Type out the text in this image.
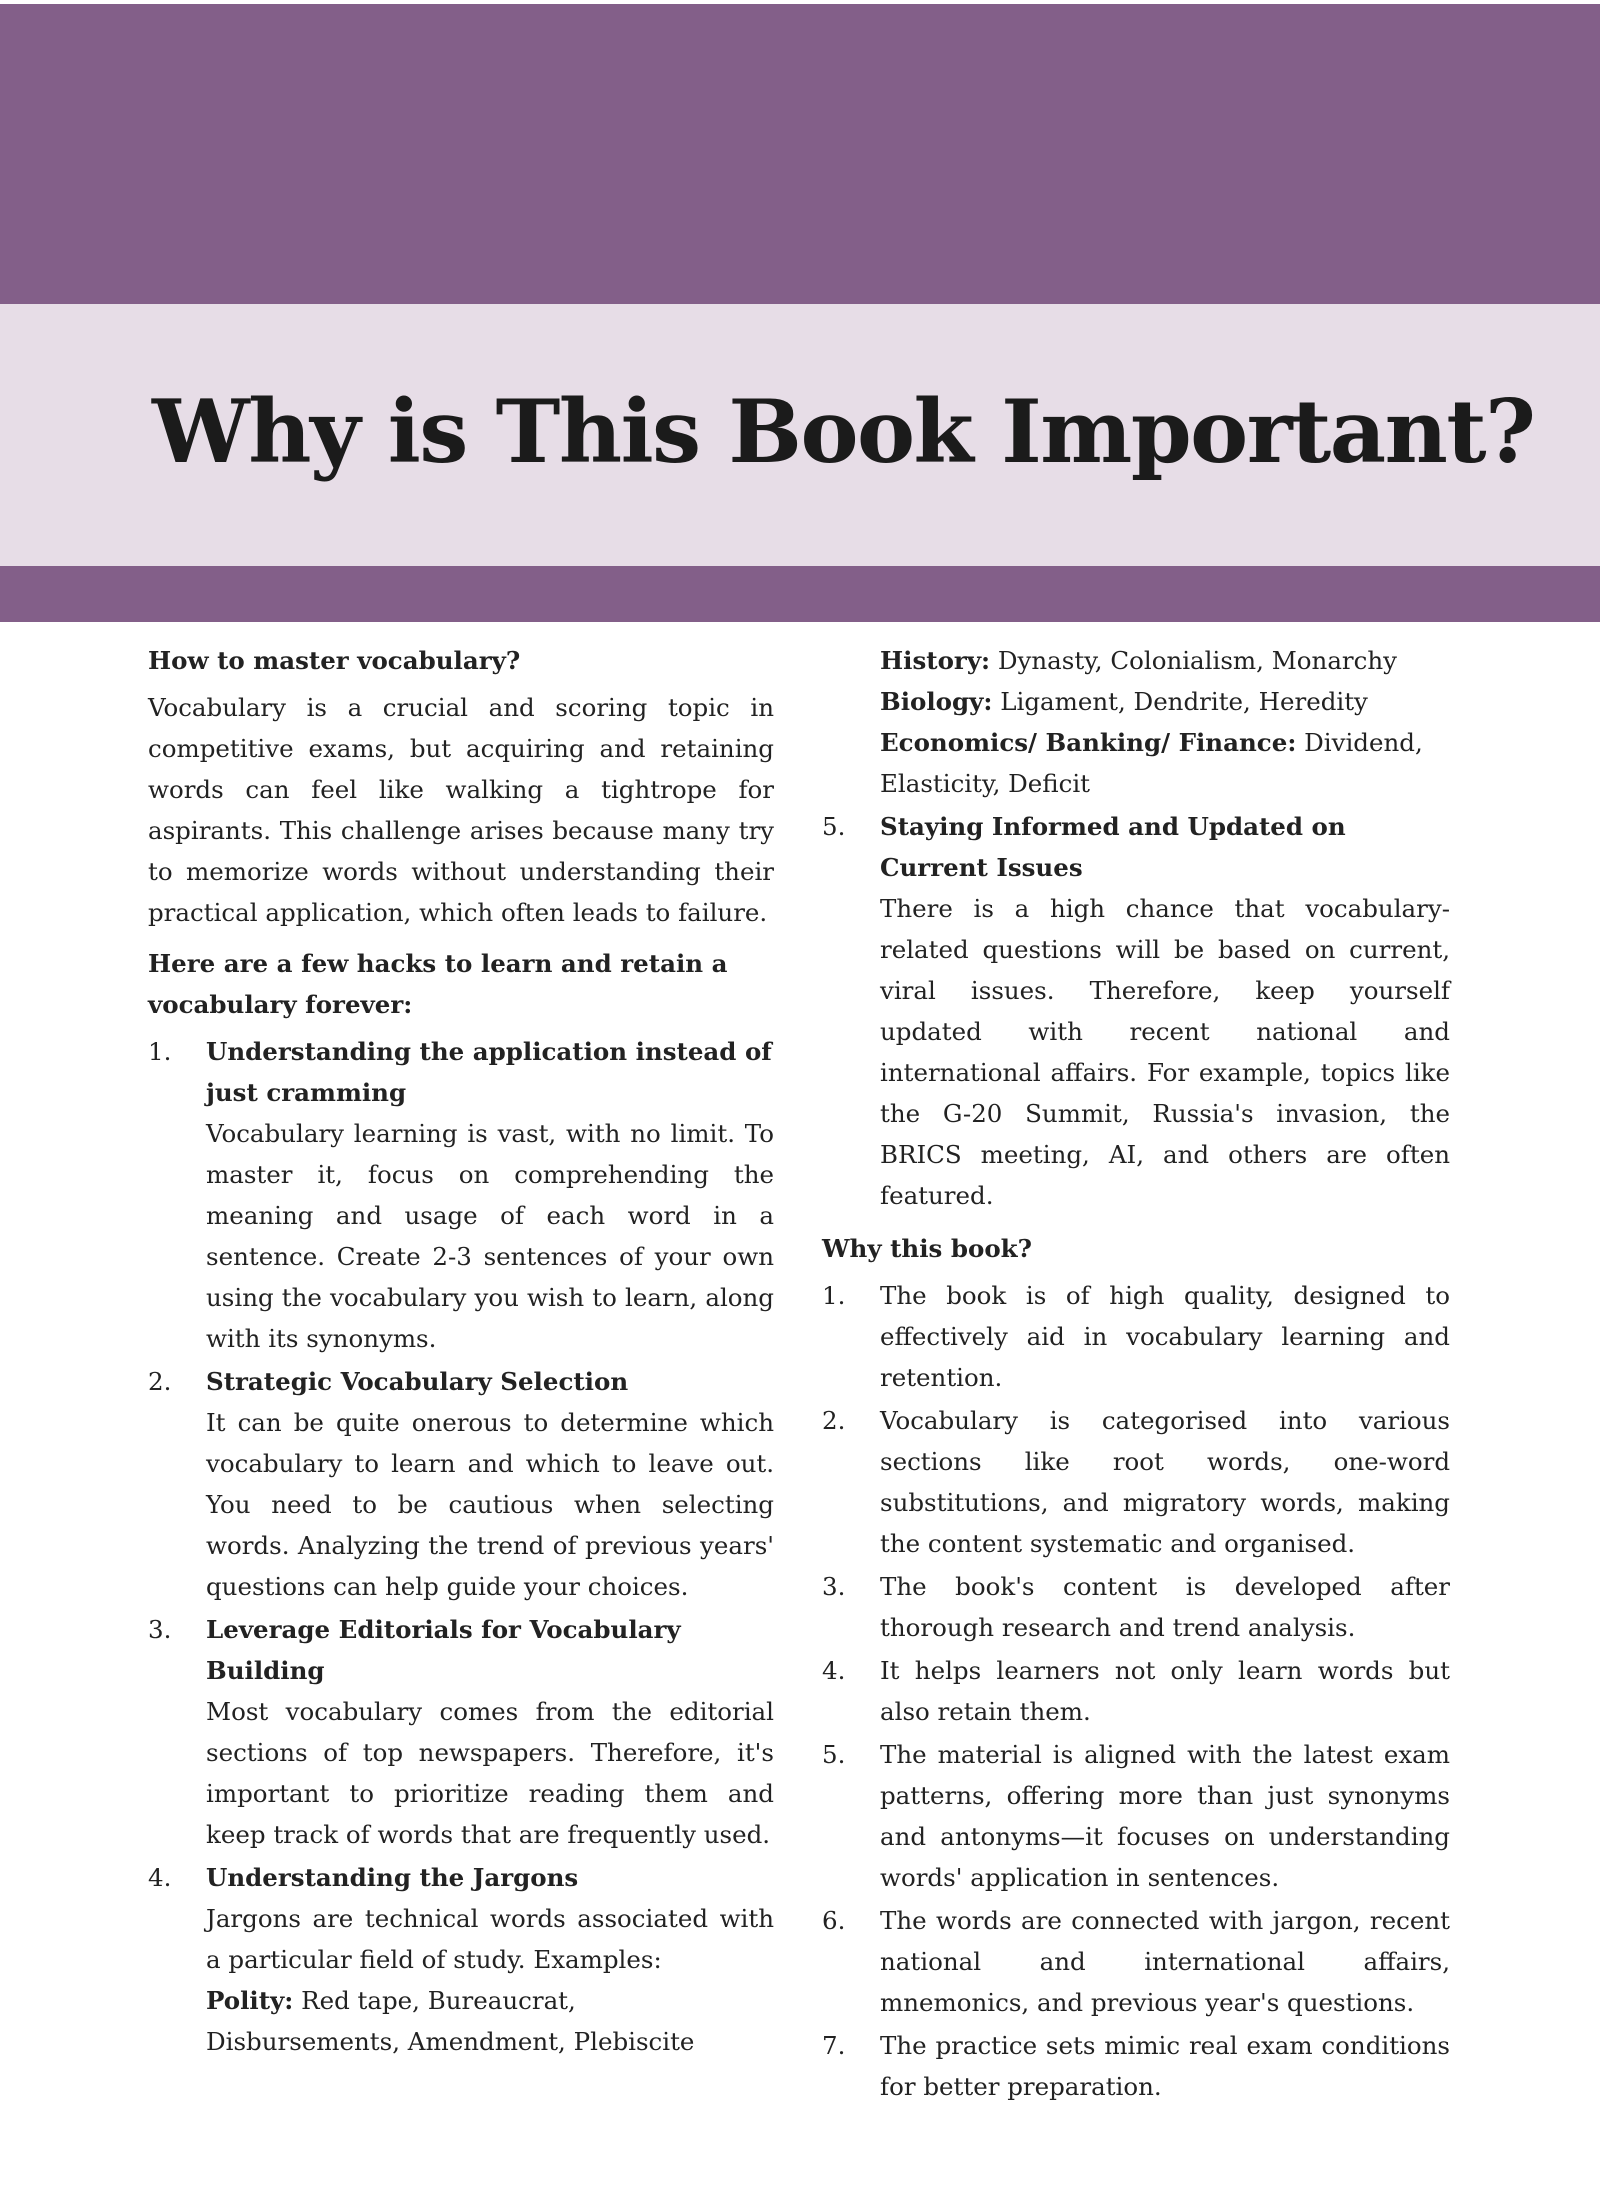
Why is This Book Important?

How to master vocabulary?

Vocabulary is a crucial and scoring topic in competitive exams, but acquiring and retaining words can feel like walking a tightrope for aspirants. This challenge arises because many try to memorize words without understanding their practical application, which often leads to failure.

Here are a few hacks to learn and retain a vocabulary forever:

1. Understanding the application instead of just cramming
Vocabulary learning is vast, with no limit. To master it, focus on comprehending the meaning and usage of each word in a sentence. Create 2-3 sentences of your own using the vocabulary you wish to learn, along with its synonyms.
2. Strategic Vocabulary Selection
It can be quite onerous to determine which vocabulary to learn and which to leave out. You need to be cautious when selecting words. Analyzing the trend of previous years' questions can help guide your choices.
3. Leverage Editorials for Vocabulary Building
Most vocabulary comes from the editorial sections of top newspapers. Therefore, it's important to prioritize reading them and keep track of words that are frequently used.
4. Understanding the Jargons
Jargons are technical words associated with a particular field of study. Examples:
Polity: Red tape, Bureaucrat, Disbursements, Amendment, Plebiscite
History: Dynasty, Colonialism, Monarchy
Biology: Ligament, Dendrite, Heredity
Economics/ Banking/ Finance: Dividend, Elasticity, Deficit
5. Staying Informed and Updated on Current Issues
There is a high chance that vocabulary-related questions will be based on current, viral issues. Therefore, keep yourself updated with recent national and international affairs. For example, topics like the G-20 Summit, Russia's invasion, the BRICS meeting, AI, and others are often featured.

Why this book?

1. The book is of high quality, designed to effectively aid in vocabulary learning and retention.
2. Vocabulary is categorised into various sections like root words, one-word substitutions, and migratory words, making the content systematic and organised.
3. The book's content is developed after thorough research and trend analysis.
4. It helps learners not only learn words but also retain them.
5. The material is aligned with the latest exam patterns, offering more than just synonyms and antonyms—it focuses on understanding words' application in sentences.
6. The words are connected with jargon, recent national and international affairs, mnemonics, and previous year's questions.
7. The practice sets mimic real exam conditions for better preparation.
